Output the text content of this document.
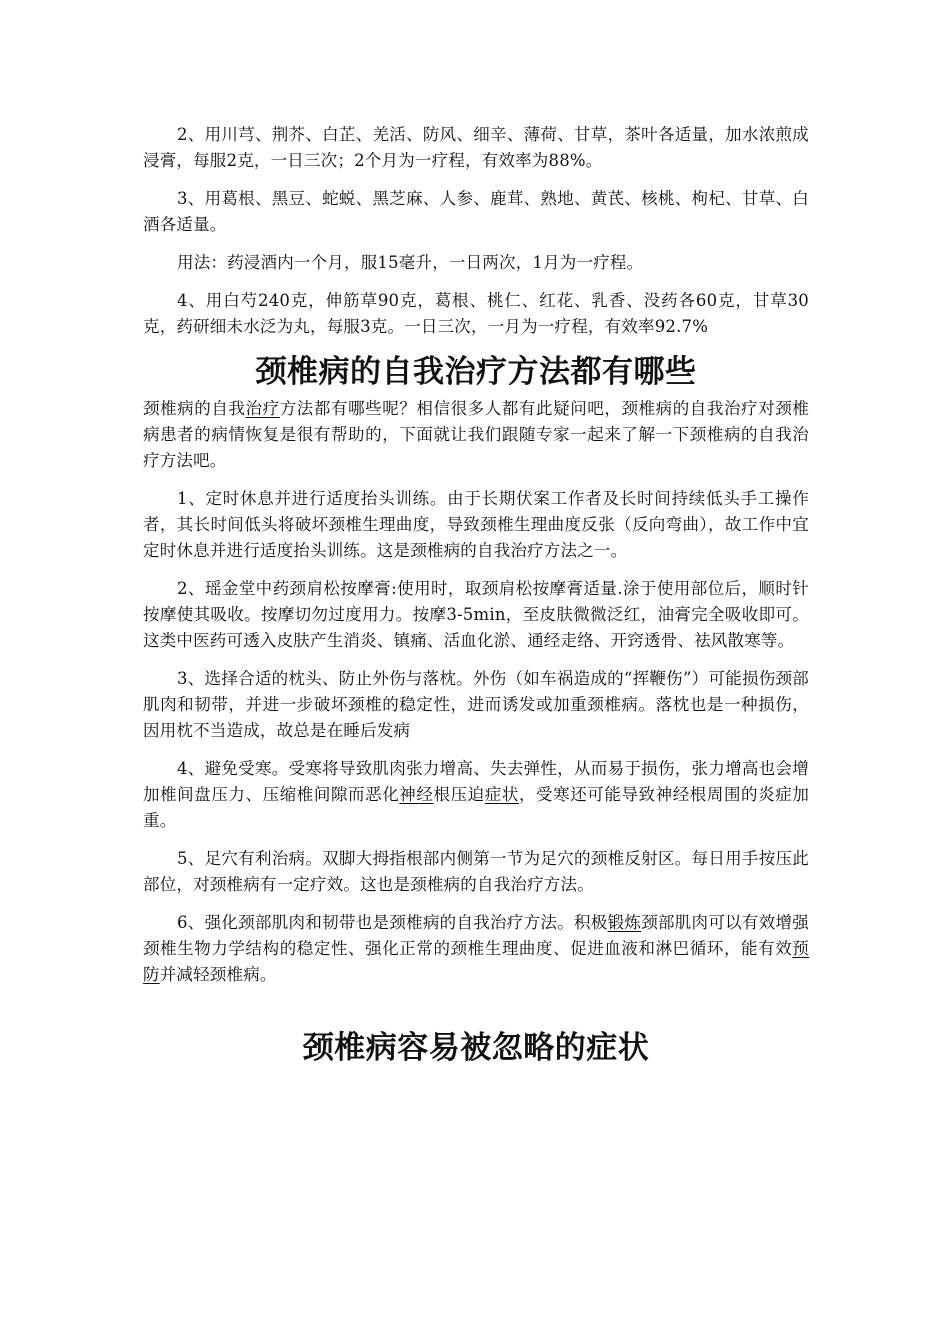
2、用川芎、荆芥、白芷、羌活、防风、细辛、薄荷、甘草，茶叶各适量，加水浓煎成浸膏，每服2克，一日三次；2个月为一疗程，有效率为88%。

3、用葛根、黑豆、蛇蜕、黑芝麻、人参、鹿茸、熟地、黄芪、核桃、枸杞、甘草、白酒各适量。

用法：药浸酒内一个月，服15毫升，一日两次，1月为一疗程。

4、用白芍240克，伸筋草90克，葛根、桃仁、红花、乳香、没药各60克，甘草30克，药研细未水泛为丸，每服3克。一日三次，一月为一疗程，有效率92.7%

颈椎病的自我治疗方法都有哪些

颈椎病的自我治疗方法都有哪些呢？相信很多人都有此疑问吧，颈椎病的自我治疗对颈椎病患者的病情恢复是很有帮助的，下面就让我们跟随专家一起来了解一下颈椎病的自我治疗方法吧。

1、定时休息并进行适度抬头训练。由于长期伏案工作者及长时间持续低头手工操作者，其长时间低头将破坏颈椎生理曲度，导致颈椎生理曲度反张（反向弯曲），故工作中宜定时休息并进行适度抬头训练。这是颈椎病的自我治疗方法之一。

2、瑶金堂中药颈肩松按摩膏:使用时，取颈肩松按摩膏适量.涂于使用部位后，顺时针按摩使其吸收。按摩切勿过度用力。按摩3-5min，至皮肤微微泛红，油膏完全吸收即可。这类中医药可透入皮肤产生消炎、镇痛、活血化淤、通经走络、开窍透骨、祛风散寒等。

3、选择合适的枕头、防止外伤与落枕。外伤（如车祸造成的“挥鞭伤”）可能损伤颈部肌肉和韧带，并进一步破坏颈椎的稳定性，进而诱发或加重颈椎病。落枕也是一种损伤，因用枕不当造成，故总是在睡后发病

4、避免受寒。受寒将导致肌肉张力增高、失去弹性，从而易于损伤，张力增高也会增加椎间盘压力、压缩椎间隙而恶化神经根压迫症状，受寒还可能导致神经根周围的炎症加重。

5、足穴有利治病。双脚大拇指根部内侧第一节为足穴的颈椎反射区。每日用手按压此部位，对颈椎病有一定疗效。这也是颈椎病的自我治疗方法。

6、强化颈部肌肉和韧带也是颈椎病的自我治疗方法。积极锻炼颈部肌肉可以有效增强颈椎生物力学结构的稳定性、强化正常的颈椎生理曲度、促进血液和淋巴循环，能有效预防并减轻颈椎病。

颈椎病容易被忽略的症状
